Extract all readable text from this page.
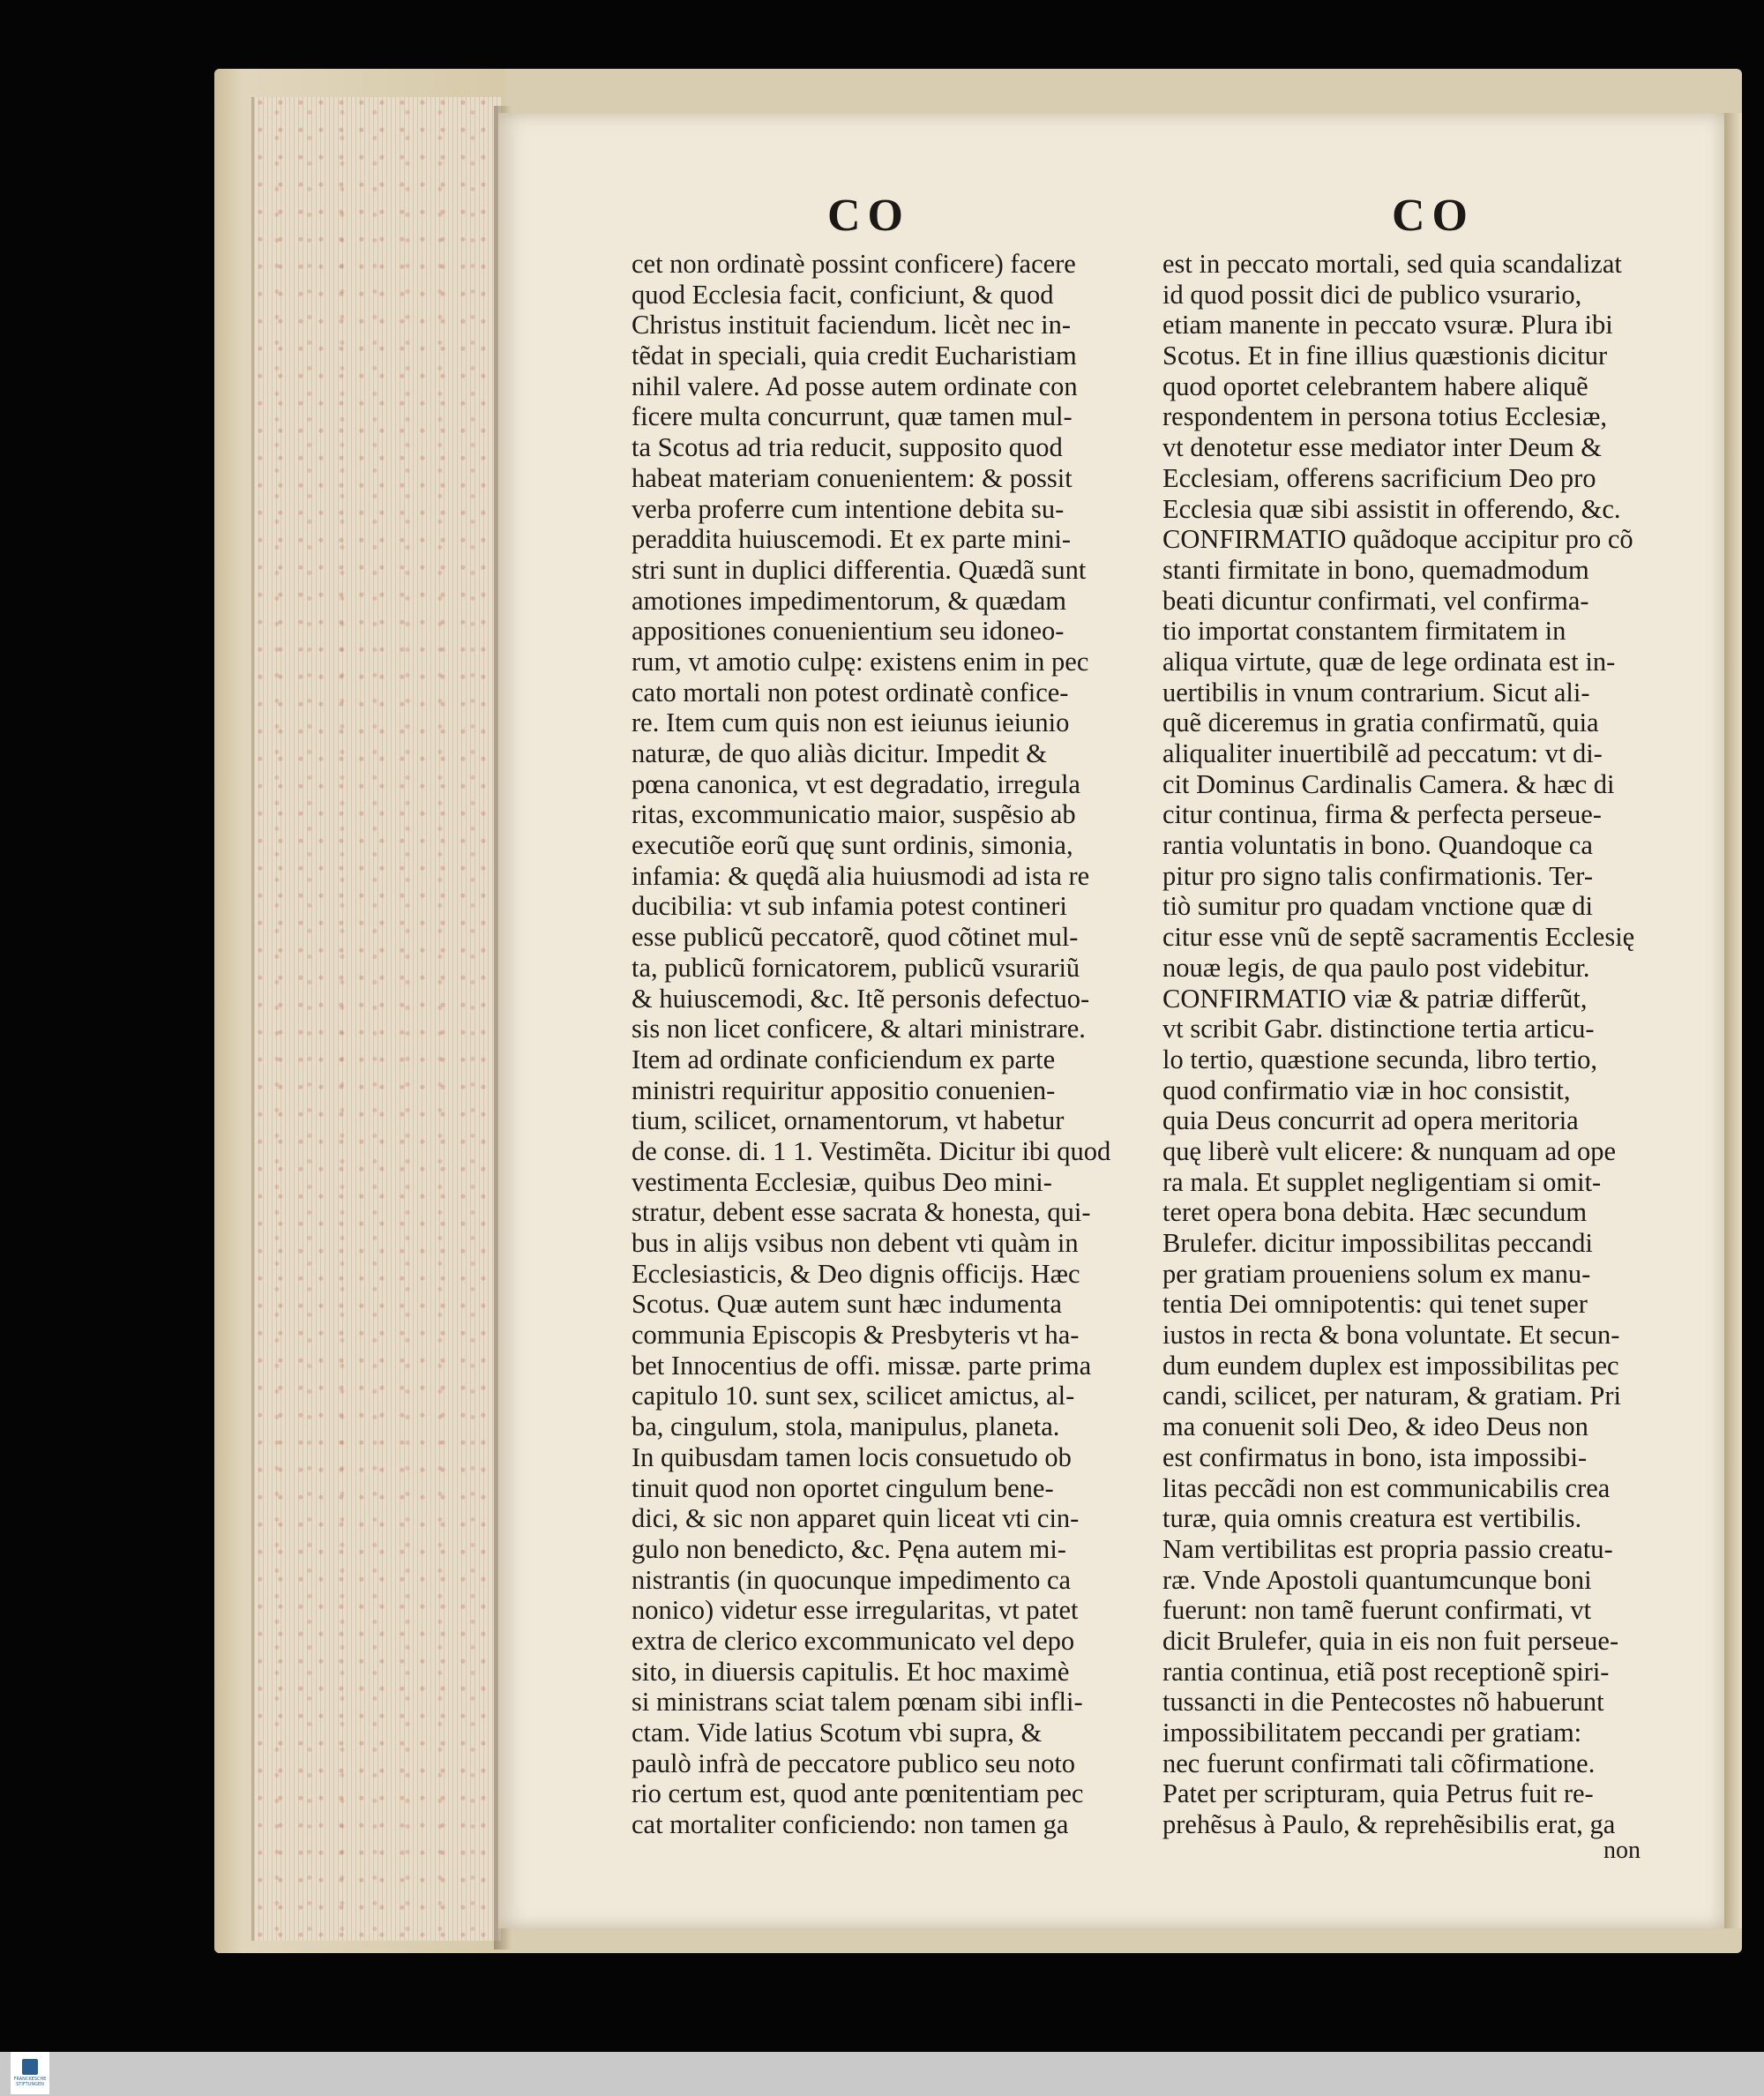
CO	CO
cet non ordinatè possint conficere) facere
quod Ecclesia facit, conficiunt, & quod
Christus instituit faciendum. licèt nec in-
tẽdat in speciali, quia credit Eucharistiam
nihil valere. Ad posse autem ordinate con
ficere multa concurrunt, quæ tamen mul-
ta Scotus ad tria reducit, supposito quod
habeat materiam conuenientem: & possit
verba proferre cum intentione debita su-
peraddita huiuscemodi. Et ex parte mini-
stri sunt in duplici differentia. Quædã sunt
amotiones impedimentorum, & quædam
appositiones conuenientium seu idoneo-
rum, vt amotio culpę: existens enim in pec
cato mortali non potest ordinatè confice-
re. Item cum quis non est ieiunus ieiunio
naturæ, de quo aliàs dicitur. Impedit &
pœna canonica, vt est degradatio, irregula
ritas, excommunicatio maior, suspẽsio ab
executiõe eorũ quę sunt ordinis, simonia,
infamia: & quędã alia huiusmodi ad ista re
ducibilia: vt sub infamia potest contineri
esse publicũ peccatorẽ, quod cõtinet mul-
ta, publicũ fornicatorem, publicũ vsurariũ
& huiuscemodi, &c. Itẽ personis defectuo-
sis non licet conficere, & altari ministrare.
Item ad ordinate conficiendum ex parte
ministri requiritur appositio conuenien-
tium, scilicet, ornamentorum, vt habetur
de conse. di. 1 1. Vestimẽta. Dicitur ibi quod
vestimenta Ecclesiæ, quibus Deo mini-
stratur, debent esse sacrata & honesta, qui-
bus in alijs vsibus non debent vti quàm in
Ecclesiasticis, & Deo dignis officijs. Hæc
Scotus. Quæ autem sunt hæc indumenta
communia Episcopis & Presbyteris vt ha-
bet Innocentius de offi. missæ. parte prima
capitulo 10. sunt sex, scilicet amictus, al-
ba, cingulum, stola, manipulus, planeta.
In quibusdam tamen locis consuetudo ob
tinuit quod non oportet cingulum bene-
dici, & sic non apparet quin liceat vti cin-
gulo non benedicto, &c. Pęna autem mi-
nistrantis (in quocunque impedimento ca
nonico) videtur esse irregularitas, vt patet
extra de clerico excommunicato vel depo
sito, in diuersis capitulis. Et hoc maximè
si ministrans sciat talem pœnam sibi infli-
ctam. Vide latius Scotum vbi supra, &
paulò infrà de peccatore publico seu noto
rio certum est, quod ante pœnitentiam pec
cat mortaliter conficiendo: non tamen ga
est in peccato mortali, sed quia scandalizat
id quod possit dici de publico vsurario,
etiam manente in peccato vsuræ. Plura ibi
Scotus. Et in fine illius quæstionis dicitur
quod oportet celebrantem habere aliquẽ
respondentem in persona totius Ecclesiæ,
vt denotetur esse mediator inter Deum &
Ecclesiam, offerens sacrificium Deo pro
Ecclesia quæ sibi assistit in offerendo, &c.
CONFIRMATIO quãdoque accipitur pro cõ
stanti firmitate in bono, quemadmodum
beati dicuntur confirmati, vel confirma-
tio importat constantem firmitatem in
aliqua virtute, quæ de lege ordinata est in-
uertibilis in vnum contrarium. Sicut ali-
quẽ diceremus in gratia confirmatũ, quia
aliqualiter inuertibilẽ ad peccatum: vt di-
cit Dominus Cardinalis Camera. & hæc di
citur continua, firma & perfecta perseue-
rantia voluntatis in bono. Quandoque ca
pitur pro signo talis confirmationis. Ter-
tiò sumitur pro quadam vnctione quæ di
citur esse vnũ de septẽ sacramentis Ecclesię
nouæ legis, de qua paulo post videbitur.
CONFIRMATIO viæ & patriæ differũt,
vt scribit Gabr. distinctione tertia articu-
lo tertio, quæstione secunda, libro tertio,
quod confirmatio viæ in hoc consistit,
quia Deus concurrit ad opera meritoria
quę liberè vult elicere: & nunquam ad ope
ra mala. Et supplet negligentiam si omit-
teret opera bona debita. Hæc secundum
Brulefer. dicitur impossibilitas peccandi
per gratiam proueniens solum ex manu-
tentia Dei omnipotentis: qui tenet super
iustos in recta & bona voluntate. Et secun-
dum eundem duplex est impossibilitas pec
candi, scilicet, per naturam, & gratiam. Pri
ma conuenit soli Deo, & ideo Deus non
est confirmatus in bono, ista impossibi-
litas peccãdi non est communicabilis crea
turæ, quia omnis creatura est vertibilis.
Nam vertibilitas est propria passio creatu-
ræ. Vnde Apostoli quantumcunque boni
fuerunt: non tamẽ fuerunt confirmati, vt
dicit Brulefer, quia in eis non fuit perseue-
rantia continua, etiã post receptionẽ spiri-
tussancti in die Pentecostes nõ habuerunt
impossibilitatem peccandi per gratiam:
nec fuerunt confirmati tali cõfirmatione.
Patet per scripturam, quia Petrus fuit re-
prehẽsus à Paulo, & reprehẽsibilis erat, ga
non
FRANCKESCHE
STIFTUNGEN
